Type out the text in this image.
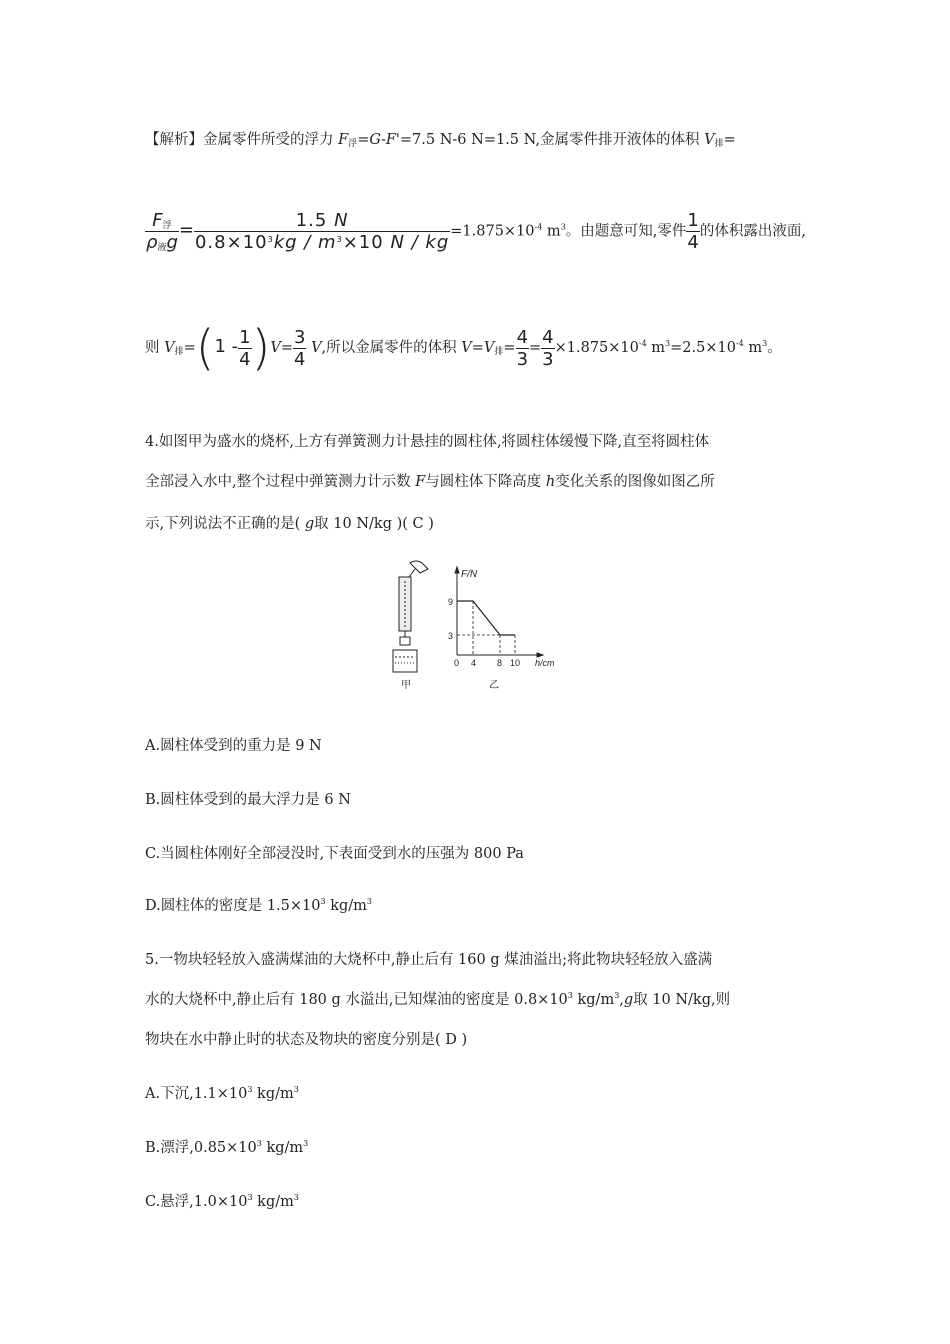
【解析】金属零件所受的浮力 $F_浮=G-F'=7.5$ N-6 N=1.5 N,金属零件排开液体的体积 $V_排=$
$\frac{F_浮}{\rho_液g} = \frac{1.5 N}{0.8\times 10^3kg / m^3\times 10 N / kg} =1.875\times 10^{-4}$ $m^3$。由题意可知,零件 $\frac{1}{4}$ 的体积露出液面,
则 $V_排=(1 - \frac{1}{4} )V= \frac{3}{4} V$,所以金属零件的体积 $V=V_排= \frac{4}{3} = \frac{4}{3} \times 1.875\times 10^{-4}$ $m^3=2.5\times 10^{-4}$ $m^3$。
4.如图甲为盛水的烧杯,上方有弹簧测力计悬挂的圆柱体,将圆柱体缓慢下降,直至将圆柱体
全部浸入水中,整个过程中弹簧测力计示数 F与圆柱体下降高度 h变化关系的图像如图乙所
示,下列说法不正确的是( g取 10 N/kg )( C )
甲
F/N
9
3
0 4 8 10 h/cm
乙
A.圆柱体受到的重力是 9 N
B.圆柱体受到的最大浮力是 6 N
C.当圆柱体刚好全部浸没时,下表面受到水的压强为 800 Pa
D.圆柱体的密度是 $1.5\times 10^3$ $kg/m^3$
5.一物块轻轻放入盛满煤油的大烧杯中,静止后有 160 g 煤油溢出;将此物块轻轻放入盛满
水的大烧杯中,静止后有 180 g 水溢出,已知煤油的密度是 $0.8\times 10^3$ $kg/m^3,g$取 10 N/kg,则
物块在水中静止时的状态及物块的密度分别是( D )
A.下沉$,1.1\times 10^3$ $kg/m^3$
B.漂浮$,0.85\times 10^3$ $kg/m^3$
C.悬浮$,1.0\times 10^3$ $kg/m^3$
